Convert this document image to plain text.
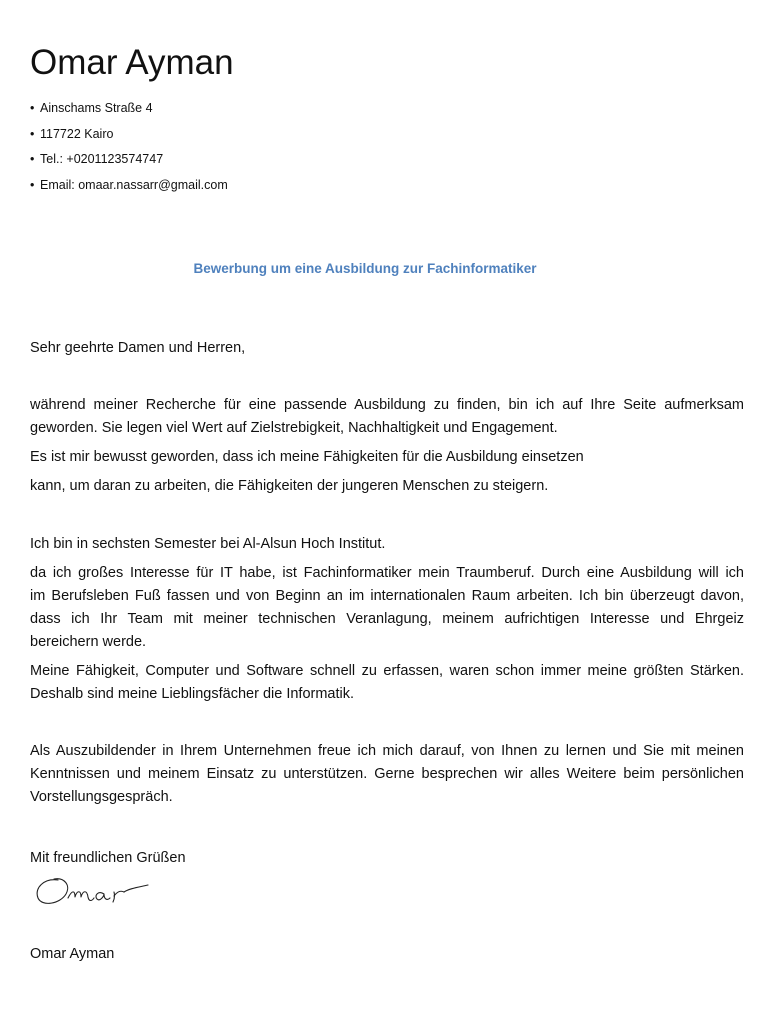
Omar Ayman
• Ainschams Straße 4
• 117722 Kairo
• Tel.: +0201123574747
• Email: omaar.nassarr@gmail.com
Bewerbung um eine Ausbildung zur Fachinformatiker

Sehr geehrte Damen und Herren,

während meiner Recherche für eine passende Ausbildung zu finden, bin ich auf Ihre Seite aufmerksam
geworden. Sie legen viel Wert auf Zielstrebigkeit, Nachhaltigkeit und Engagement.
Es ist mir bewusst geworden, dass ich meine Fähigkeiten für die Ausbildung einsetzen
kann, um daran zu arbeiten, die Fähigkeiten der jungeren Menschen zu steigern.
Ich bin in sechsten Semester bei Al-Alsun Hoch Institut.
da ich großes Interesse für IT habe, ist Fachinformatiker mein Traumberuf. Durch eine Ausbildung will ich
im Berufsleben Fuß fassen und von Beginn an im internationalen Raum arbeiten. Ich bin überzeugt davon,
dass ich Ihr Team mit meiner technischen Veranlagung, meinem aufrichtigen Interesse und Ehrgeiz
bereichern werde.
Meine Fähigkeit, Computer und Software schnell zu erfassen, waren schon immer meine größten Stärken.
Deshalb sind meine Lieblingsfächer die Informatik.
Als Auszubildender in Ihrem Unternehmen freue ich mich darauf, von Ihnen zu lernen und Sie mit meinen
Kenntnissen und meinem Einsatz zu unterstützen. Gerne besprechen wir alles Weitere beim persönlichen
Vorstellungsgespräch.

Mit freundlichen Grüßen

Omar Ayman
